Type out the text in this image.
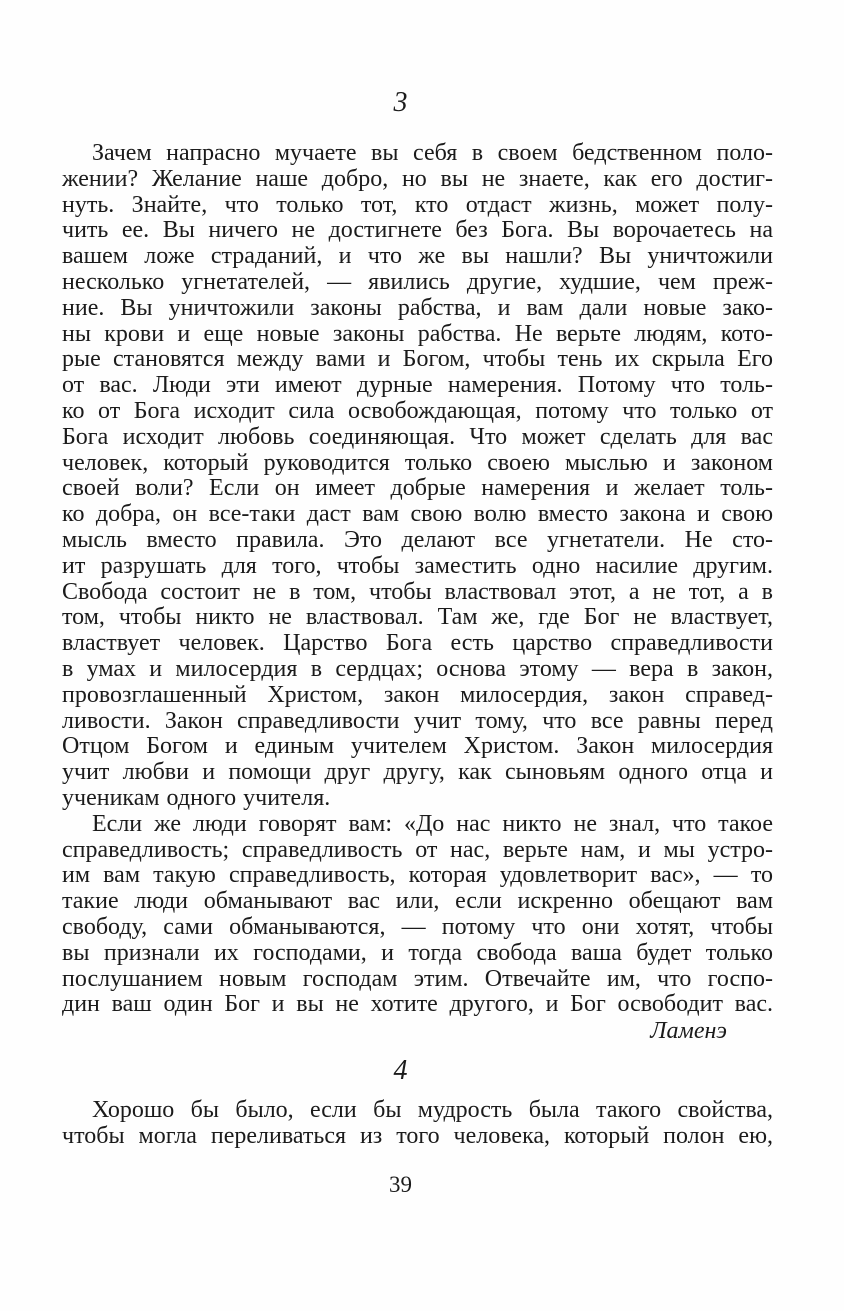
3

Зачем напрасно мучаете вы себя в своем бедственном поло-
жении? Желание наше добро, но вы не знаете, как его достиг-
нуть. Знайте, что только тот, кто отдаст жизнь, может полу-
чить ее. Вы ничего не достигнете без Бога. Вы ворочаетесь на
вашем ложе страданий, и что же вы нашли? Вы уничтожили
несколько угнетателей, — явились другие, худшие, чем преж-
ние. Вы уничтожили законы рабства, и вам дали новые зако-
ны крови и еще новые законы рабства. Не верьте людям, кото-
рые становятся между вами и Богом, чтобы тень их скрыла Его
от вас. Люди эти имеют дурные намерения. Потому что толь-
ко от Бога исходит сила освобождающая, потому что только от
Бога исходит любовь соединяющая. Что может сделать для вас
человек, который руководится только своею мыслью и законом
своей воли? Если он имеет добрые намерения и желает толь-
ко добра, он все-таки даст вам свою волю вместо закона и свою
мысль вместо правила. Это делают все угнетатели. Не сто-
ит разрушать для того, чтобы заместить одно насилие другим.
Свобода состоит не в том, чтобы властвовал этот, а не тот, а в
том, чтобы никто не властвовал. Там же, где Бог не властвует,
властвует человек. Царство Бога есть царство справедливости
в умах и милосердия в сердцах; основа этому — вера в закон,
провозглашенный Христом, закон милосердия, закон справед-
ливости. Закон справедливости учит тому, что все равны перед
Отцом Богом и единым учителем Христом. Закон милосердия
учит любви и помощи друг другу, как сыновьям одного отца и
ученикам одного учителя.

Если же люди говорят вам: «До нас никто не знал, что такое
справедливость; справедливость от нас, верьте нам, и мы устро-
им вам такую справедливость, которая удовлетворит вас», — то
такие люди обманывают вас или, если искренно обещают вам
свободу, сами обманываются, — потому что они хотят, чтобы
вы признали их господами, и тогда свобода ваша будет только
послушанием новым господам этим. Отвечайте им, что госпо-
дин ваш один Бог и вы не хотите другого, и Бог освободит вас.

Ламенэ
4

Хорошо бы было, если бы мудрость была такого свойства,
чтобы могла переливаться из того человека, который полон ею,

39
